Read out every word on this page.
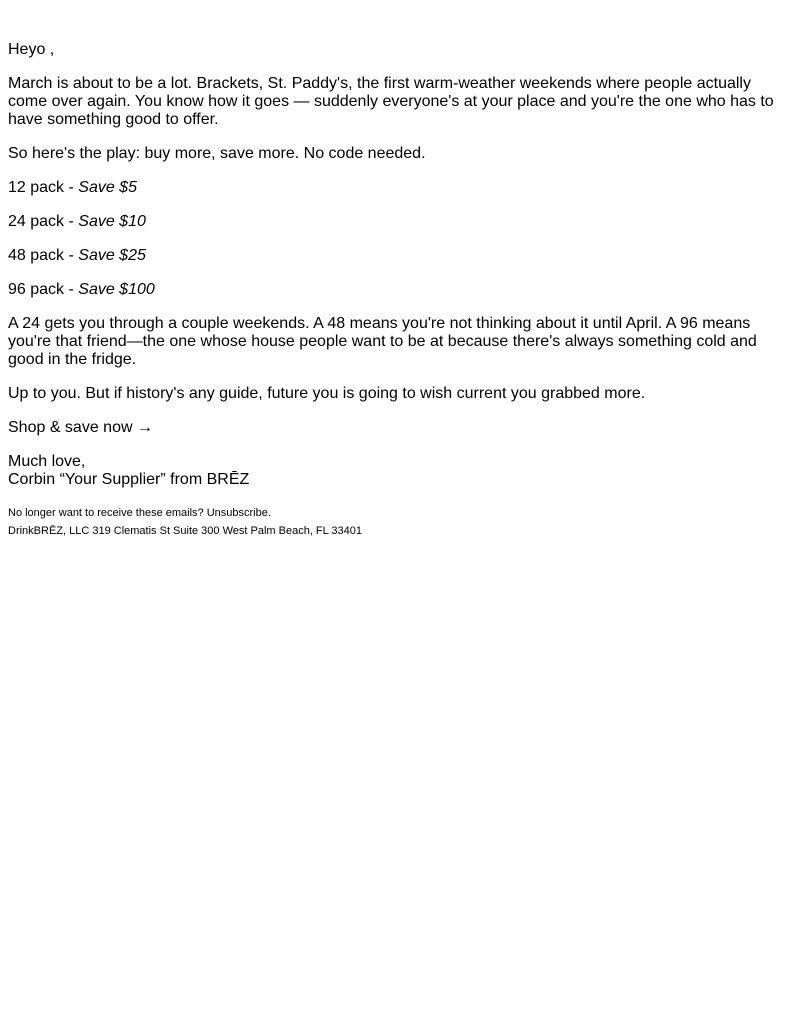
Heyo ,

March is about to be a lot. Brackets, St. Paddy's, the first warm-weather weekends where people actually come over again. You know how it goes — suddenly everyone's at your place and you're the one who has to have something good to offer.

So here's the play: buy more, save more. No code needed.

12 pack - Save $5

24 pack - Save $10

48 pack - Save $25

96 pack - Save $100

A 24 gets you through a couple weekends. A 48 means you're not thinking about it until April. A 96 means you're that friend—the one whose house people want to be at because there's always something cold and good in the fridge.

Up to you. But if history's any guide, future you is going to wish current you grabbed more.

Shop & save now →

Much love,
Corbin “Your Supplier” from BRĒZ

No longer want to receive these emails? Unsubscribe.

DrinkBRĒZ, LLC 319 Clematis St Suite 300 West Palm Beach, FL 33401
